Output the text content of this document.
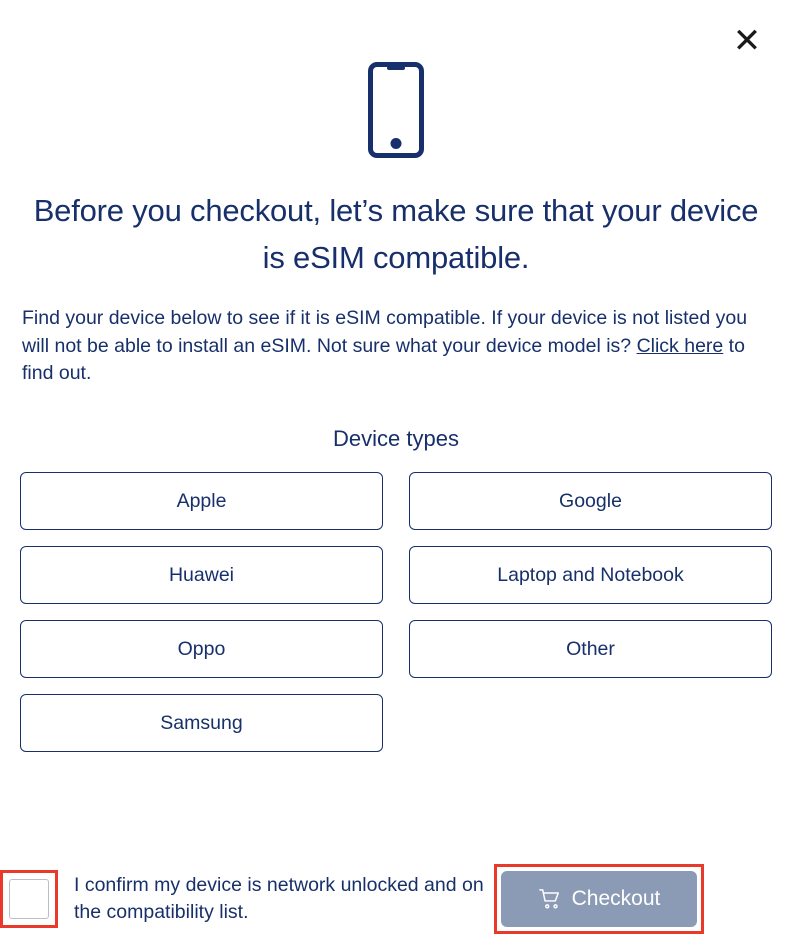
✕
Before you checkout, let’s make sure that your device is eSIM compatible.

Find your device below to see if it is eSIM compatible. If your device is not listed you will not be able to install an eSIM. Not sure what your device model is? Click here to find out.

Device types
Apple	Google
Huawei	Laptop and Notebook
Oppo	Other
Samsung
I confirm my device is network unlocked and on the compatibility list.
Checkout
